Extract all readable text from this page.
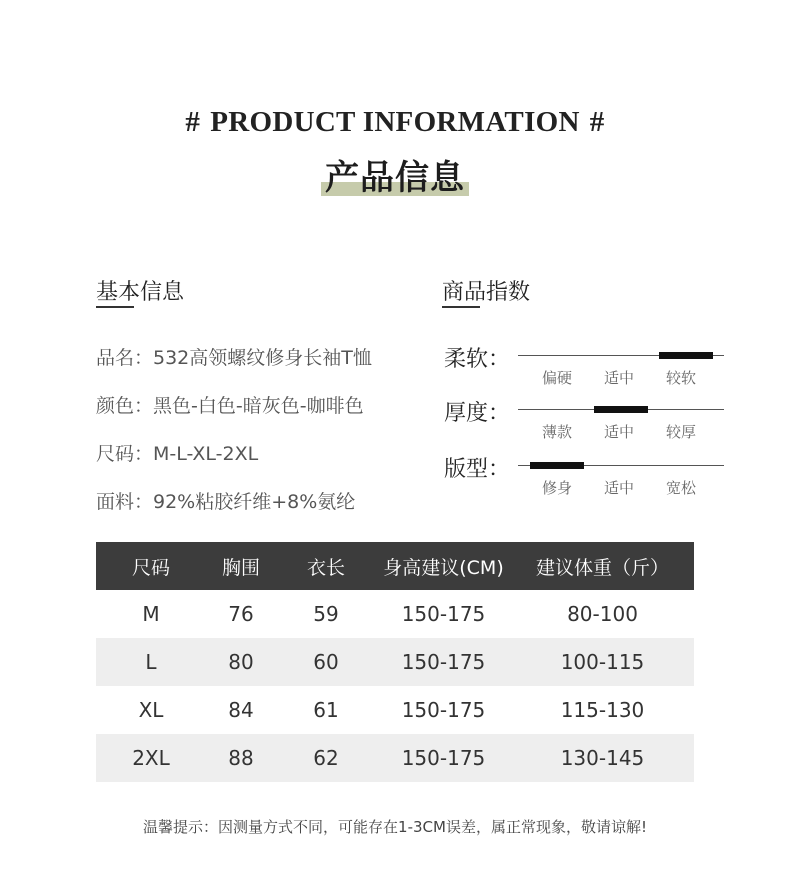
# PRODUCT INFORMATION #
产品信息
基本信息
品名：532高领螺纹修身长袖T恤
颜色：黑色-白色-暗灰色-咖啡色
尺码：M-L-XL-2XL
面料：92%粘胶纤维+8%氨纶
商品指数
柔软：
偏硬	适中	较软
厚度：
薄款	适中	较厚
版型：
修身	适中	宽松
尺码	胸围	衣长	身高建议(CM)	建议体重（斤）
M	76	59	150-175	80-100
L	80	60	150-175	100-115
XL	84	61	150-175	115-130
2XL	88	62	150-175	130-145
温馨提示：因测量方式不同，可能存在1-3CM误差，属正常现象，敬请谅解!
